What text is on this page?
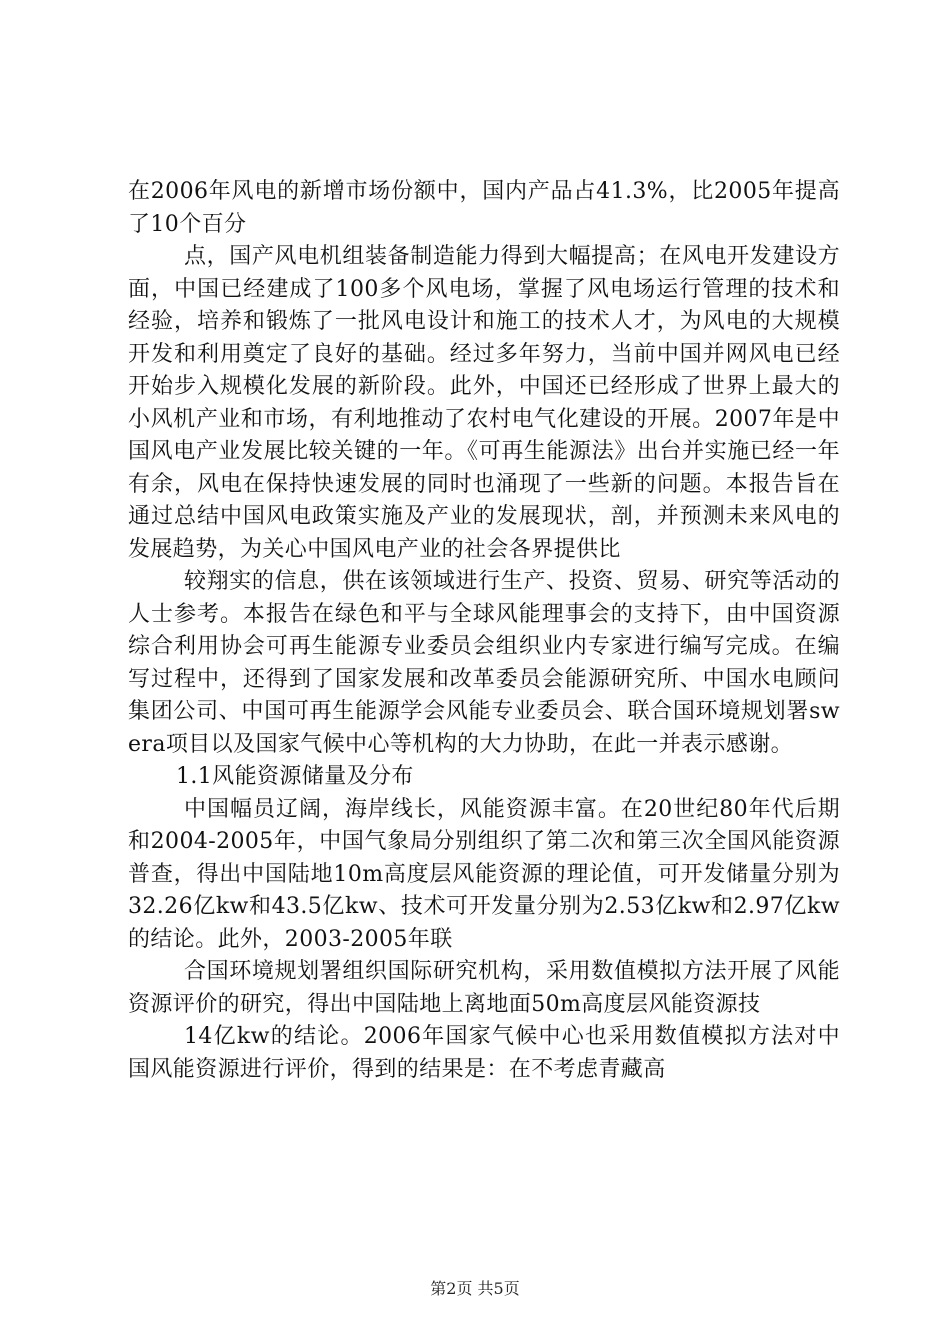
在2006年风电的新增市场份额中，国内产品占41.3%，比2005年提高了10个百分

点，国产风电机组装备制造能力得到大幅提高；在风电开发建设方面，中国已经建成了100多个风电场，掌握了风电场运行管理的技术和经验，培养和锻炼了一批风电设计和施工的技术人才，为风电的大规模开发和利用奠定了良好的基础。经过多年努力，当前中国并网风电已经开始步入规模化发展的新阶段。此外，中国还已经形成了世界上最大的小风机产业和市场，有利地推动了农村电气化建设的开展。2007年是中国风电产业发展比较关键的一年。《可再生能源法》出台并实施已经一年有余，风电在保持快速发展的同时也涌现了一些新的问题。本报告旨在通过总结中国风电政策实施及产业的发展现状，剖，并预测未来风电的发展趋势，为关心中国风电产业的社会各界提供比

较翔实的信息，供在该领域进行生产、投资、贸易、研究等活动的人士参考。本报告在绿色和平与全球风能理事会的支持下，由中国资源综合利用协会可再生能源专业委员会组织业内专家进行编写完成。在编写过程中，还得到了国家发展和改革委员会能源研究所、中国水电顾问集团公司、中国可再生能源学会风能专业委员会、联合国环境规划署swera项目以及国家气候中心等机构的大力协助，在此一并表示感谢。

1.1风能资源储量及分布

中国幅员辽阔，海岸线长，风能资源丰富。在20世纪80年代后期和2004-2005年，中国气象局分别组织了第二次和第三次全国风能资源普查，得出中国陆地10m高度层风能资源的理论值，可开发储量分别为32.26亿kw和43.5亿kw、技术可开发量分别为2.53亿kw和2.97亿kw的结论。此外，2003-2005年联

合国环境规划署组织国际研究机构，采用数值模拟方法开展了风能资源评价的研究，得出中国陆地上离地面50m高度层风能资源技

14亿kw的结论。2006年国家气候中心也采用数值模拟方法对中国风能资源进行评价，得到的结果是：在不考虑青藏高

第2页 共5页
